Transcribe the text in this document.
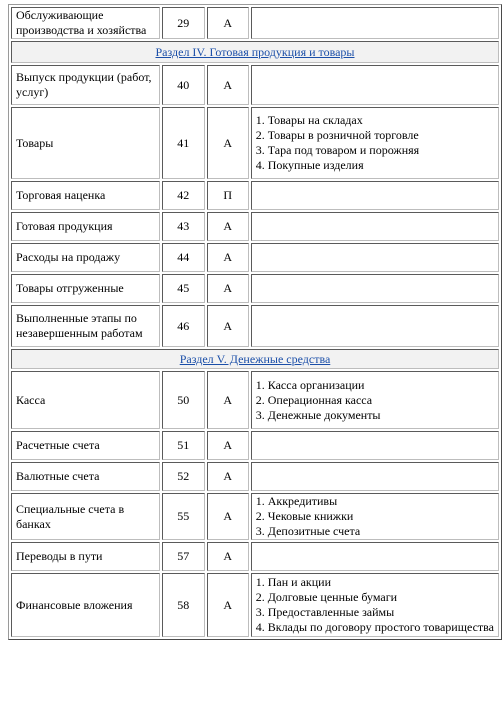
Обслуживающие производства и хозяйства	29	А	
Раздел IV. Готовая продукция и товары			
Выпуск продукции (работ, услуг)	40	А	
Товары	41	А	1. Товары на складах
2. Товары в розничной торговле
3. Тара под товаром и порожняя
4. Покупные изделия

Торговая наценка	42	П	
Готовая продукция	43	А	
Расходы на продажу	44	А	
Товары отгруженные	45	А	
Выполненные этапы по незавершенным работам	46	А	
Раздел V. Денежные средства			
Касса	50	А	1. Касса организации
2. Операционная касса
3. Денежные документы

Расчетные счета	51	А	
Валютные счета	52	А	
Специальные счета в банках	55	А	1. Аккредитивы
2. Чековые книжки
3. Депозитные счета

Переводы в пути	57	А	
Финансовые вложения	58	А	1. Пан и акции
2. Долговые ценные бумаги
3. Предоставленные займы
4. Вклады по договору простого товарищества
